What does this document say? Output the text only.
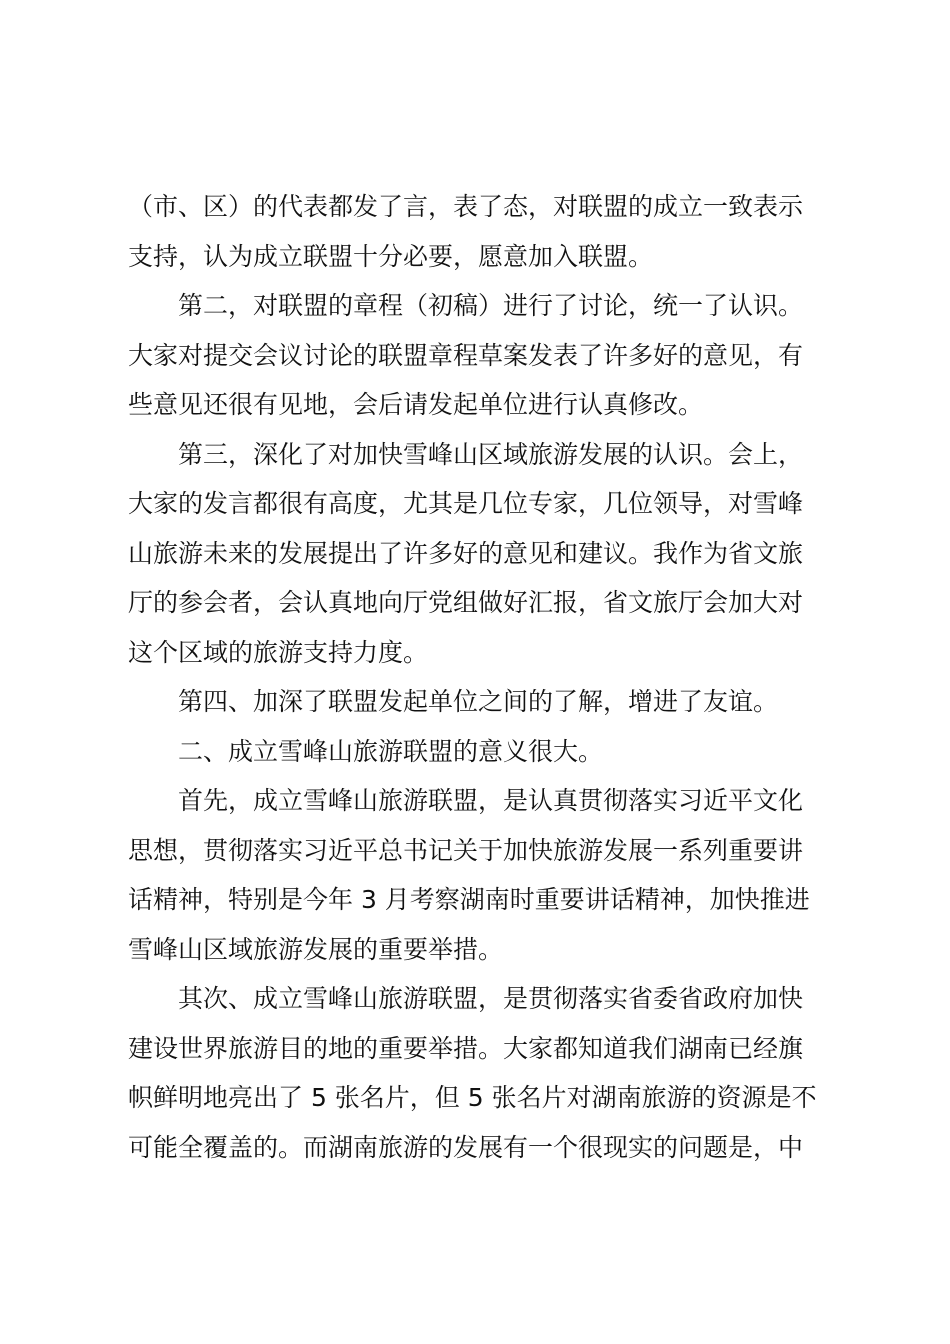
（市、区）的代表都发了言，表了态，对联盟的成立一致表示
支持，认为成立联盟十分必要，愿意加入联盟。

第二，对联盟的章程（初稿）进行了讨论，统一了认识。
大家对提交会议讨论的联盟章程草案发表了许多好的意见，有
些意见还很有见地，会后请发起单位进行认真修改。

第三，深化了对加快雪峰山区域旅游发展的认识。会上，
大家的发言都很有高度，尤其是几位专家，几位领导，对雪峰
山旅游未来的发展提出了许多好的意见和建议。我作为省文旅
厅的参会者，会认真地向厅党组做好汇报，省文旅厅会加大对
这个区域的旅游支持力度。

第四、加深了联盟发起单位之间的了解，增进了友谊。

二、成立雪峰山旅游联盟的意义很大。

首先，成立雪峰山旅游联盟，是认真贯彻落实习近平文化
思想，贯彻落实习近平总书记关于加快旅游发展一系列重要讲
话精神，特别是今年 3 月考察湖南时重要讲话精神，加快推进
雪峰山区域旅游发展的重要举措。

其次、成立雪峰山旅游联盟，是贯彻落实省委省政府加快
建设世界旅游目的地的重要举措。大家都知道我们湖南已经旗
帜鲜明地亮出了 5 张名片，但 5 张名片对湖南旅游的资源是不
可能全覆盖的。而湖南旅游的发展有一个很现实的问题是，中
